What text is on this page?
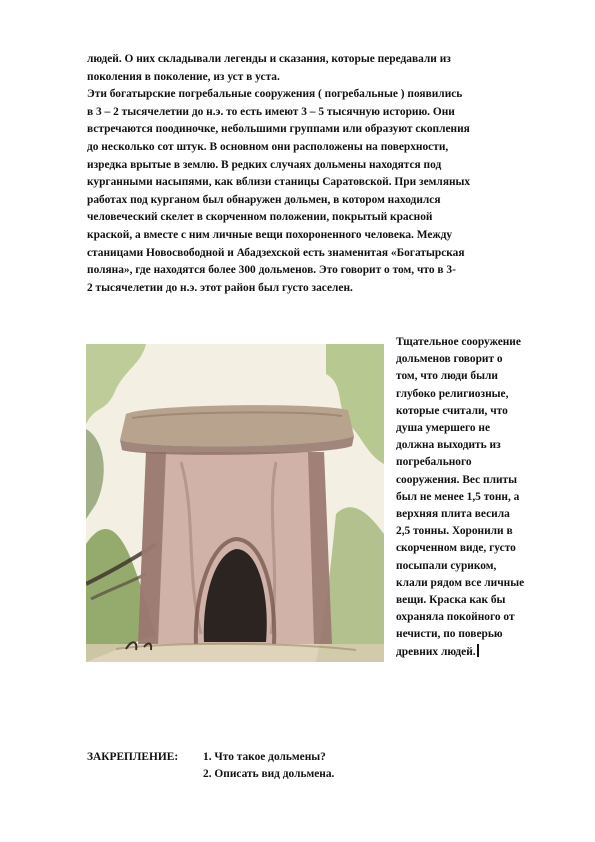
людей. О них складывали легенды и сказания, которые передавали из
поколения в поколение, из уст в уста.
Эти богатырские погребальные сооружения ( погребальные ) появились
в 3 – 2 тысячелетии до н.э. то есть имеют 3 – 5 тысячную историю. Они
встречаются поодиночке, небольшими группами или образуют скопления
до несколько сот штук. В основном они расположены на поверхности,
изредка врытые в землю. В редких случаях дольмены находятся под
курганными насыпями, как вблизи станицы Саратовской. При земляных
работах под курганом был обнаружен дольмен, в котором находился
человеческий скелет в скорченном положении, покрытый красной
краской, а вместе с ним личные вещи похороненного человека. Между
станицами Новосвободной и Абадзехской есть знаменитая «Богатырская
поляна», где находятся более 300 дольменов. Это говорит о том, что в 3-
2 тысячелетии до н.э. этот район был густо заселен.
Тщательное сооружение
дольменов говорит о
том, что люди были
глубоко религиозные,
которые считали, что
душа умершего не
должна выходить из
погребального
сооружения. Вес плиты
был не менее 1,5 тонн, а
верхняя плита весила
2,5 тонны. Хоронили в
скорченном виде, густо
посыпали суриком,
клали рядом все личные
вещи. Краска как бы
охраняла покойного от
нечисти, по поверью
древних людей.
ЗАКРЕПЛЕНИЕ: 1. Что такое дольмены?
2. Описать вид дольмена.
